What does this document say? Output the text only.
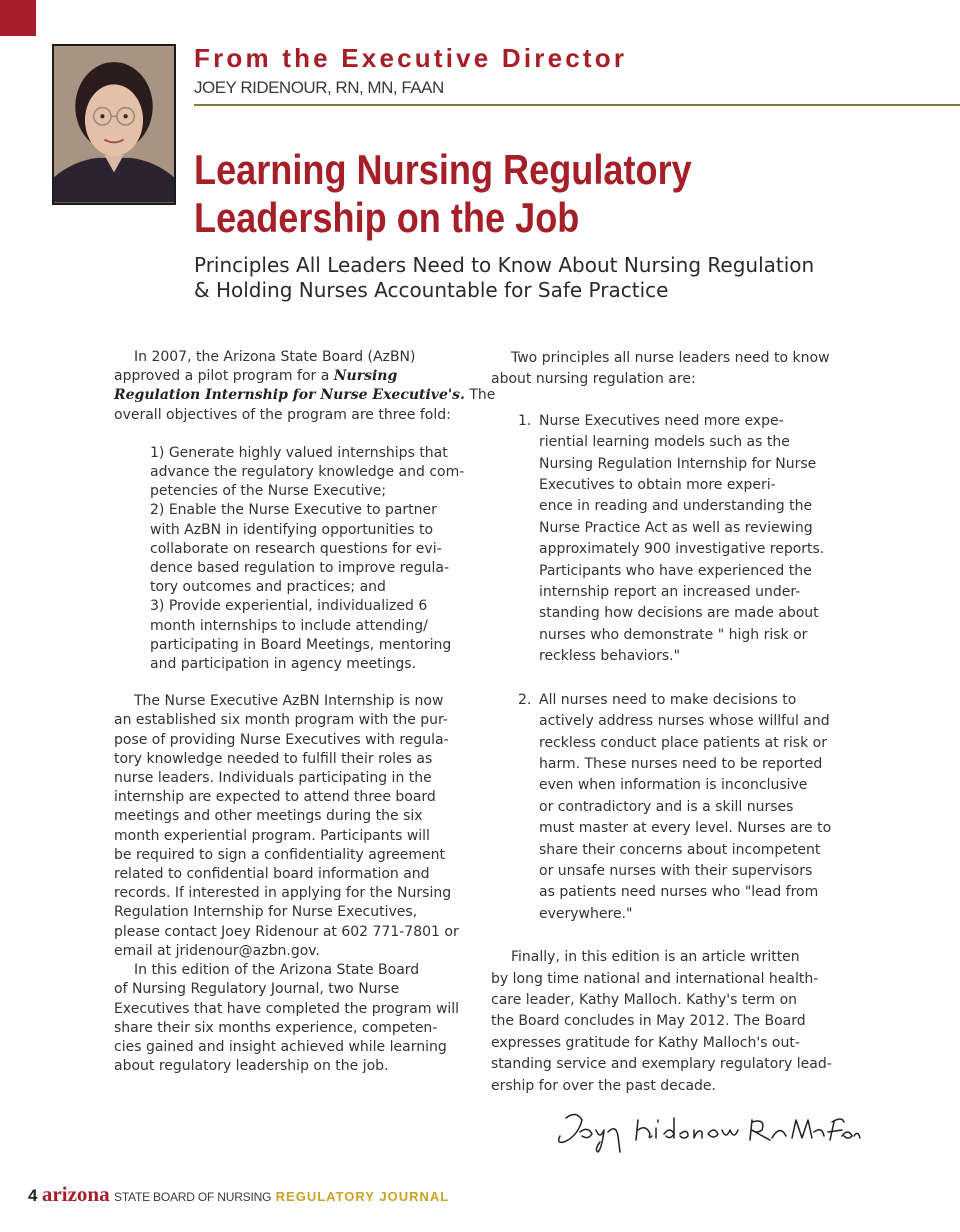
From the Executive Director
JOEY RIDENOUR, RN, MN, FAAN
Learning Nursing Regulatory
Leadership on the Job
Principles All Leaders Need to Know About Nursing Regulation
& Holding Nurses Accountable for Safe Practice
In 2007, the Arizona State Board (AzBN)
approved a pilot program for a Nursing
Regulation Internship for Nurse Executive's. The
overall objectives of the program are three fold:
1) Generate highly valued internships that
advance the regulatory knowledge and com-
petencies of the Nurse Executive;
2) Enable the Nurse Executive to partner
with AzBN in identifying opportunities to
collaborate on research questions for evi-
dence based regulation to improve regula-
tory outcomes and practices; and
3) Provide experiential, individualized 6
month internships to include attending/
participating in Board Meetings, mentoring
and participation in agency meetings.
The Nurse Executive AzBN Internship is now
an established six month program with the pur-
pose of providing Nurse Executives with regula-
tory knowledge needed to fulfill their roles as
nurse leaders. Individuals participating in the
internship are expected to attend three board
meetings and other meetings during the six
month experiential program. Participants will
be required to sign a confidentiality agreement
related to confidential board information and
records. If interested in applying for the Nursing
Regulation Internship for Nurse Executives,
please contact Joey Ridenour at 602 771-7801 or
email at jridenour@azbn.gov.
In this edition of the Arizona State Board
of Nursing Regulatory Journal, two Nurse
Executives that have completed the program will
share their six months experience, competen-
cies gained and insight achieved while learning
about regulatory leadership on the job.
Two principles all nurse leaders need to know
about nursing regulation are:
1. Nurse Executives need more expe-
riential learning models such as the
Nursing Regulation Internship for Nurse
Executives to obtain more experi-
ence in reading and understanding the
Nurse Practice Act as well as reviewing
approximately 900 investigative reports.
Participants who have experienced the
internship report an increased under-
standing how decisions are made about
nurses who demonstrate " high risk or
reckless behaviors."
2. All nurses need to make decisions to
actively address nurses whose willful and
reckless conduct place patients at risk or
harm. These nurses need to be reported
even when information is inconclusive
or contradictory and is a skill nurses
must master at every level. Nurses are to
share their concerns about incompetent
or unsafe nurses with their supervisors
as patients need nurses who "lead from
everywhere."
Finally, in this edition is an article written
by long time national and international health-
care leader, Kathy Malloch. Kathy's term on
the Board concludes in May 2012. The Board
expresses gratitude for Kathy Malloch's out-
standing service and exemplary regulatory lead-
ership for over the past decade.
4 arizona STATE BOARD OF NURSING REGULATORY JOURNAL
